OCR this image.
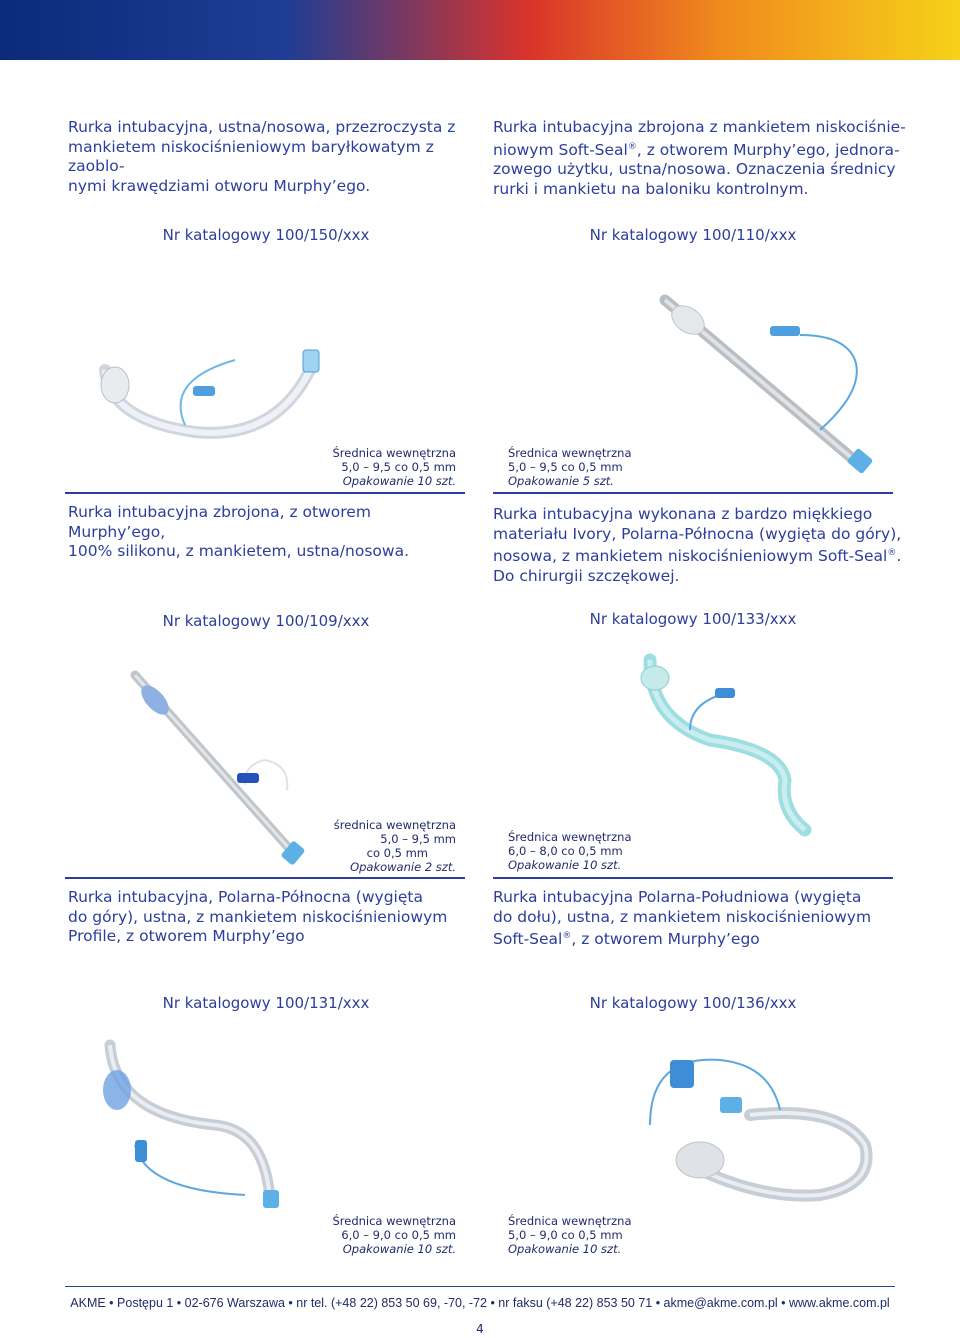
Rurka intubacyjna, ustna/nosowa, przezroczysta z
mankietem niskociśnieniowym baryłkowatym z zaoblo-
nymi krawędziami otworu Murphy’ego.
Rurka intubacyjna zbrojona z mankietem niskociśnie-
niowym Soft-Seal®, z otworem Murphy’ego, jednora-
zowego użytku, ustna/nosowa. Oznaczenia średnicy
rurki i mankietu na baloniku kontrolnym.
Nr katalogowy 100/150/xxx	Nr katalogowy 100/110/xxx
Średnica wewnętrzna
5,0 – 9,5 co 0,5 mm
Opakowanie 10 szt.
Średnica wewnętrzna
5,0 – 9,5 co 0,5 mm
Opakowanie 5 szt.
Rurka intubacyjna zbrojona, z otworem Murphy’ego,
100% silikonu, z mankietem, ustna/nosowa.
Rurka intubacyjna wykonana z bardzo miękkiego
materiału Ivory, Polarna-Północna (wygięta do góry),
nosowa, z mankietem niskociśnieniowym Soft-Seal®.
Do chirurgii szczękowej.
Nr katalogowy 100/109/xxx	Nr katalogowy 100/133/xxx
średnica wewnętrzna
5,0 – 9,5 mm
co 0,5 mm
Opakowanie 2 szt.
Średnica wewnętrzna
6,0 – 8,0 co 0,5 mm
Opakowanie 10 szt.
Rurka intubacyjna, Polarna-Północna (wygięta
do góry), ustna, z mankietem niskociśnieniowym
Profile, z otworem Murphy’ego
Rurka intubacyjna Polarna-Południowa (wygięta
do dołu), ustna, z mankietem niskociśnieniowym
Soft-Seal®, z otworem Murphy’ego
Nr katalogowy 100/131/xxx	Nr katalogowy 100/136/xxx
Średnica wewnętrzna
6,0 – 9,0 co 0,5 mm
Opakowanie 10 szt.
Średnica wewnętrzna
5,0 – 9,0 co 0,5 mm
Opakowanie 10 szt.
AKME • Postępu 1 • 02-676 Warszawa • nr tel. (+48 22) 853 50 69, -70, -72 • nr faksu (+48 22) 853 50 71 • akme@akme.com.pl • www.akme.com.pl
4
